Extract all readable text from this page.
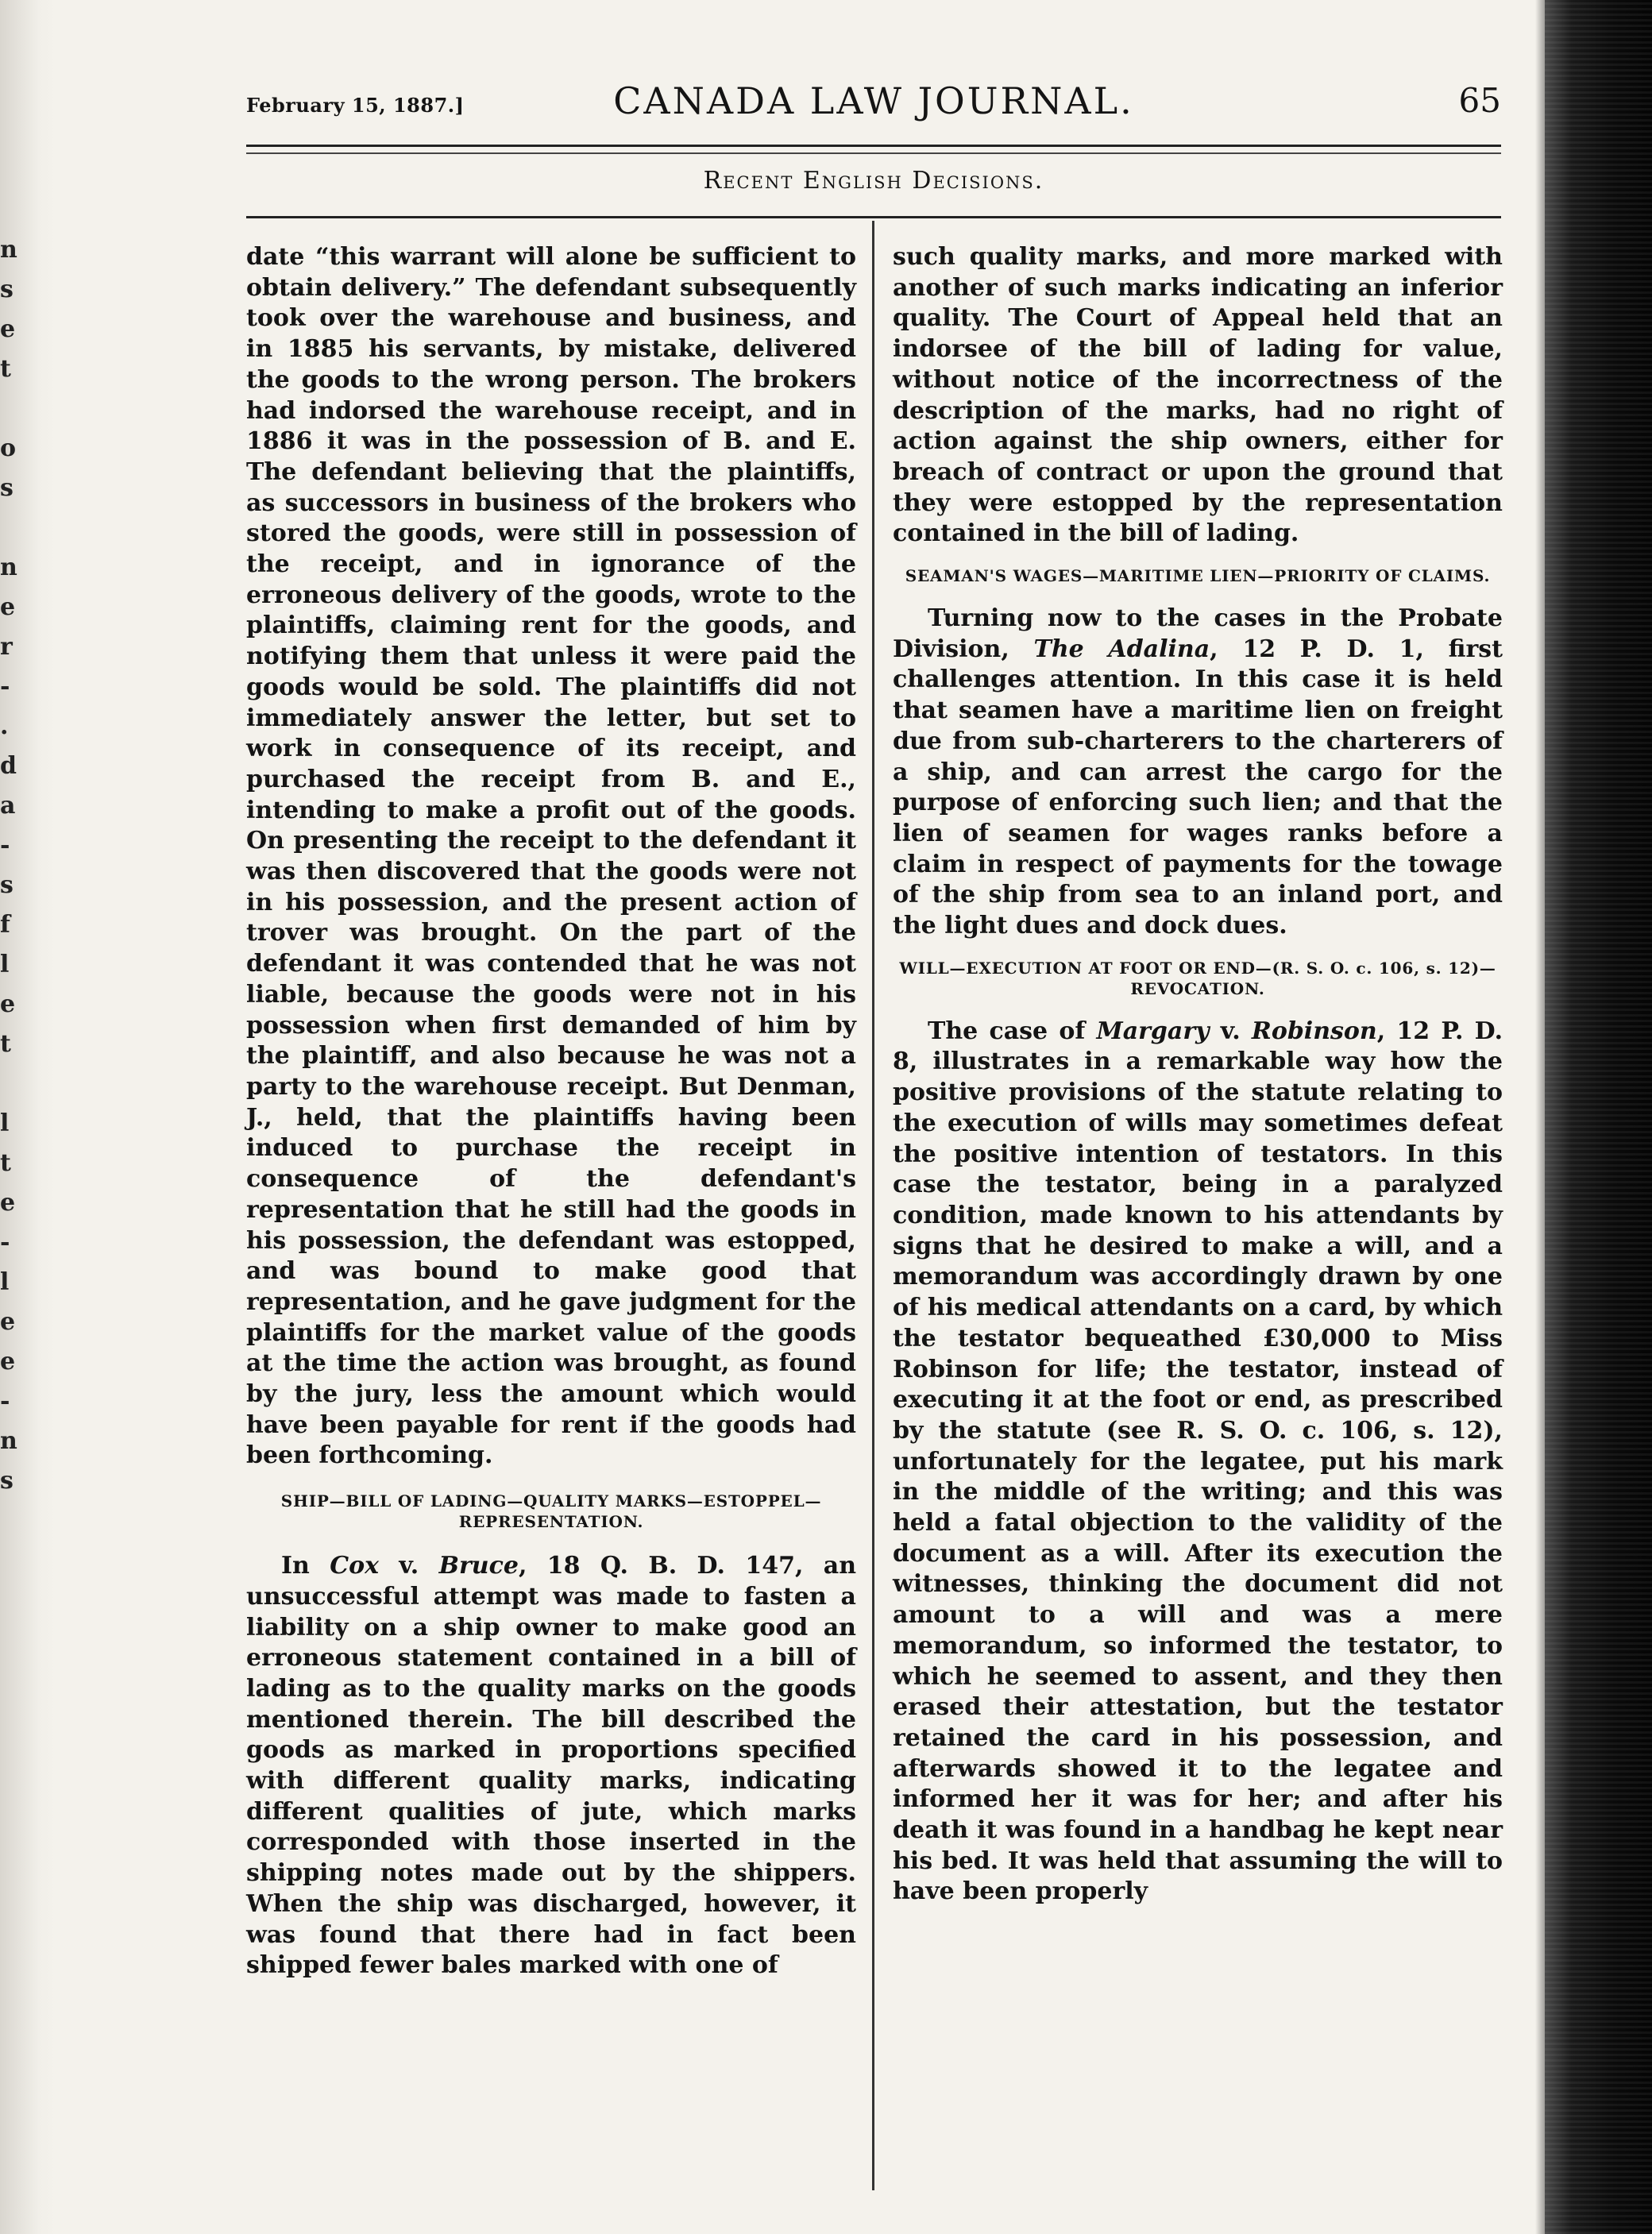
n
s
e
t

o
s

n
e
r
-
.
d
a
-
s
f
l
e
t

l
t
e
-
l
e
e
-
n
s
February 15, 1887.]	CANADA LAW JOURNAL.	65
Recent English Decisions.

date “this warrant will alone be sufficient to obtain delivery.” The defendant subsequently took over the warehouse and business, and in 1885 his servants, by mistake, delivered the goods to the wrong person. The brokers had indorsed the warehouse receipt, and in 1886 it was in the possession of B. and E. The defendant believing that the plaintiffs, as successors in business of the brokers who stored the goods, were still in possession of the receipt, and in ignorance of the erroneous delivery of the goods, wrote to the plaintiffs, claiming rent for the goods, and notifying them that unless it were paid the goods would be sold. The plaintiffs did not immediately answer the letter, but set to work in consequence of its receipt, and purchased the receipt from B. and E., intending to make a profit out of the goods. On presenting the receipt to the defendant it was then discovered that the goods were not in his possession, and the present action of trover was brought. On the part of the defendant it was contended that he was not liable, because the goods were not in his possession when first demanded of him by the plaintiff, and also because he was not a party to the warehouse receipt. But Denman, J., held, that the plaintiffs having been induced to purchase the receipt in consequence of the defendant's representation that he still had the goods in his possession, the defendant was estopped, and was bound to make good that representation, and he gave judgment for the plaintiffs for the market value of the goods at the time the action was brought, as found by the jury, less the amount which would have been payable for rent if the goods had been forthcoming.

SHIP—BILL OF LADING—QUALITY MARKS—ESTOPPEL—REPRESENTATION.

In Cox v. Bruce, 18 Q. B. D. 147, an unsuccessful attempt was made to fasten a liability on a ship owner to make good an erroneous statement contained in a bill of lading as to the quality marks on the goods mentioned therein. The bill described the goods as marked in proportions specified with different quality marks, indicating different qualities of jute, which marks corresponded with those inserted in the shipping notes made out by the shippers. When the ship was discharged, however, it was found that there had in fact been shipped fewer bales marked with one of

such quality marks, and more marked with another of such marks indicating an inferior quality. The Court of Appeal held that an indorsee of the bill of lading for value, without notice of the incorrectness of the description of the marks, had no right of action against the ship owners, either for breach of contract or upon the ground that they were estopped by the representation contained in the bill of lading.

SEAMAN'S WAGES—MARITIME LIEN—PRIORITY OF CLAIMS.

Turning now to the cases in the Probate Division, The Adalina, 12 P. D. 1, first challenges attention. In this case it is held that seamen have a maritime lien on freight due from sub-charterers to the charterers of a ship, and can arrest the cargo for the purpose of enforcing such lien; and that the lien of seamen for wages ranks before a claim in respect of payments for the towage of the ship from sea to an inland port, and the light dues and dock dues.

WILL—EXECUTION AT FOOT OR END—(R. S. O. c. 106, s. 12)—REVOCATION.

The case of Margary v. Robinson, 12 P. D. 8, illustrates in a remarkable way how the positive provisions of the statute relating to the execution of wills may sometimes defeat the positive intention of testators. In this case the testator, being in a paralyzed condition, made known to his attendants by signs that he desired to make a will, and a memorandum was accordingly drawn by one of his medical attendants on a card, by which the testator bequeathed £30,000 to Miss Robinson for life; the testator, instead of executing it at the foot or end, as prescribed by the statute (see R. S. O. c. 106, s. 12), unfortunately for the legatee, put his mark in the middle of the writing; and this was held a fatal objection to the validity of the document as a will. After its execution the witnesses, thinking the document did not amount to a will and was a mere memorandum, so informed the testator, to which he seemed to assent, and they then erased their attestation, but the testator retained the card in his possession, and afterwards showed it to the legatee and informed her it was for her; and after his death it was found in a handbag he kept near his bed. It was held that assuming the will to have been properly
